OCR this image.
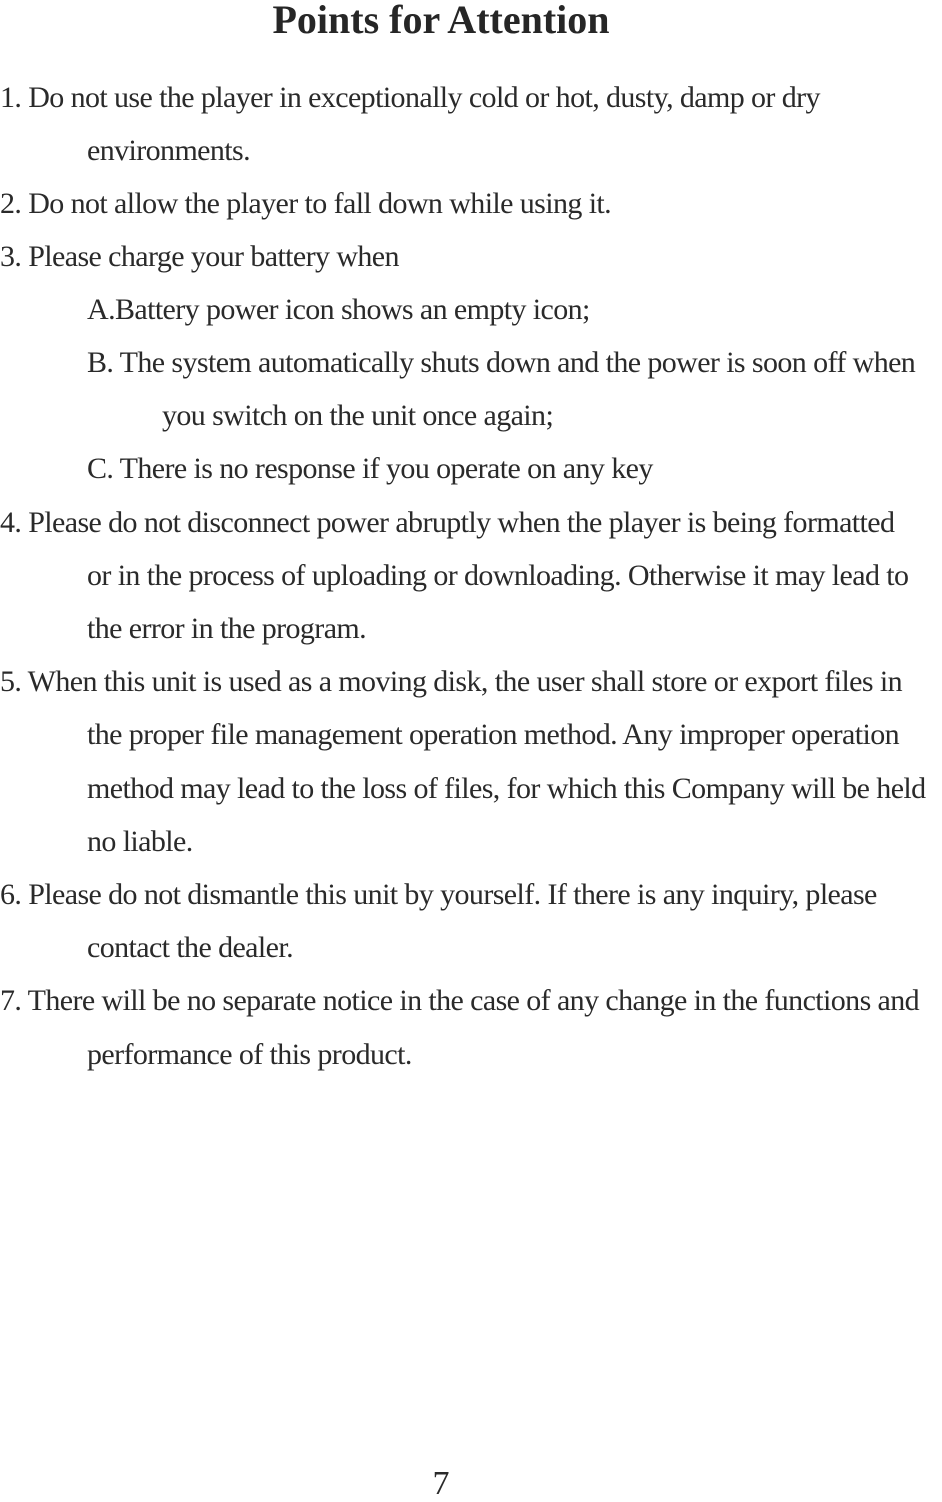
Points for Attention
1. Do not use the player in exceptionally cold or hot, dusty, damp or dry
environments.
2. Do not allow the player to fall down while using it.
3. Please charge your battery when
A.Battery power icon shows an empty icon;
B. The system automatically shuts down and the power is soon off when
you switch on the unit once again;
C. There is no response if you operate on any key
4. Please do not disconnect power abruptly when the player is being formatted
or in the process of uploading or downloading. Otherwise it may lead to
the error in the program.
5. When this unit is used as a moving disk, the user shall store or export files in
the proper file management operation method. Any improper operation
method may lead to the loss of files, for which this Company will be held
no liable.
6. Please do not dismantle this unit by yourself. If there is any inquiry, please
contact the dealer.
7. There will be no separate notice in the case of any change in the functions and
performance of this product.
7
